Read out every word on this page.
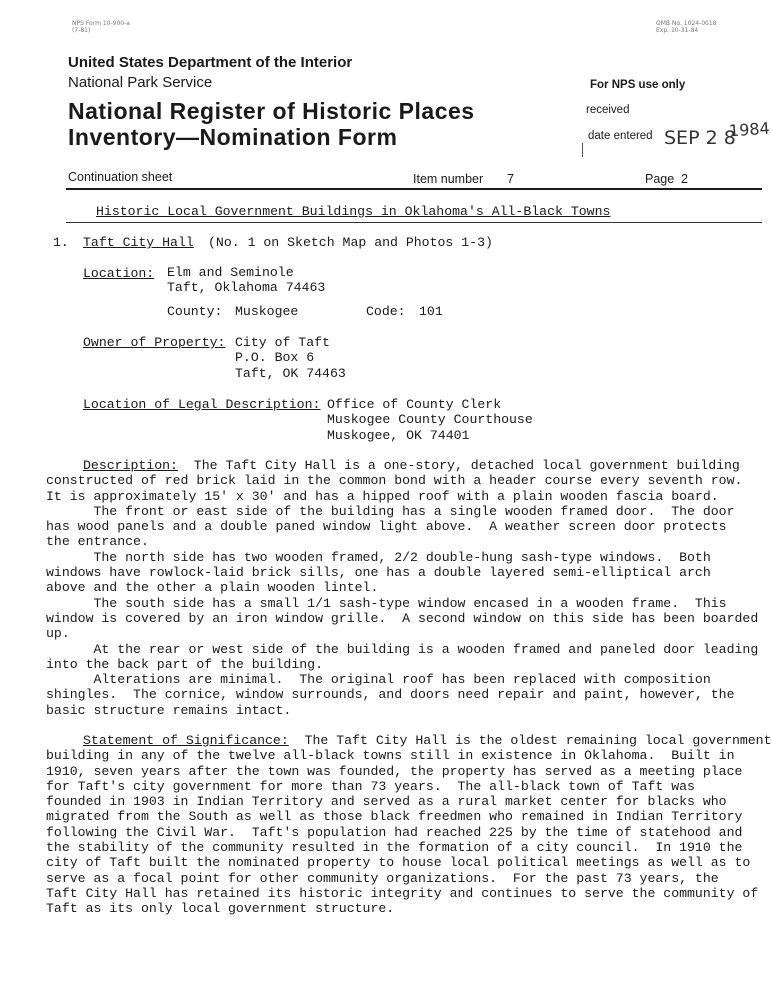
NPS Form 10-900-a
(7-81)
OMB No. 1024-0018
Exp. 10-31-84
United States Department of the Interior
National Park Service
National Register of Historic Places
Inventory—Nomination Form
For NPS use only
received
date entered SEP 2 8
1984
Continuation sheet	Item number 7	Page 2
Historic Local Government Buildings in Oklahoma's All-Black Towns
1. Taft City Hall (No. 1 on Sketch Map and Photos 1-3)
Location: Elm and Seminole
Taft, Oklahoma 74463
County: Muskogee	Code: 101
Owner of Property: City of Taft
P.O. Box 6
Taft, OK 74463
Location of Legal Description: Office of County Clerk
Muskogee County Courthouse
Muskogee, OK 74401
Description:  The Taft City Hall is a one-story, detached local government building
constructed of red brick laid in the common bond with a header course every seventh row.
It is approximately 15' x 30' and has a hipped roof with a plain wooden fascia board.
The front or east side of the building has a single wooden framed door.  The door
has wood panels and a double paned window light above.  A weather screen door protects
the entrance.
The north side has two wooden framed, 2/2 double-hung sash-type windows.  Both
windows have rowlock-laid brick sills, one has a double layered semi-elliptical arch
above and the other a plain wooden lintel.
The south side has a small 1/1 sash-type window encased in a wooden frame.  This
window is covered by an iron window grille.  A second window on this side has been boarded
up.
At the rear or west side of the building is a wooden framed and paneled door leading
into the back part of the building.
Alterations are minimal.  The original roof has been replaced with composition
shingles.  The cornice, window surrounds, and doors need repair and paint, however, the
basic structure remains intact.
Statement of Significance:  The Taft City Hall is the oldest remaining local government
building in any of the twelve all-black towns still in existence in Oklahoma.  Built in
1910, seven years after the town was founded, the property has served as a meeting place
for Taft's city government for more than 73 years.  The all-black town of Taft was
founded in 1903 in Indian Territory and served as a rural market center for blacks who
migrated from the South as well as those black freedmen who remained in Indian Territory
following the Civil War.  Taft's population had reached 225 by the time of statehood and
the stability of the community resulted in the formation of a city council.  In 1910 the
city of Taft built the nominated property to house local political meetings as well as to
serve as a focal point for other community organizations.  For the past 73 years, the
Taft City Hall has retained its historic integrity and continues to serve the community of
Taft as its only local government structure.
